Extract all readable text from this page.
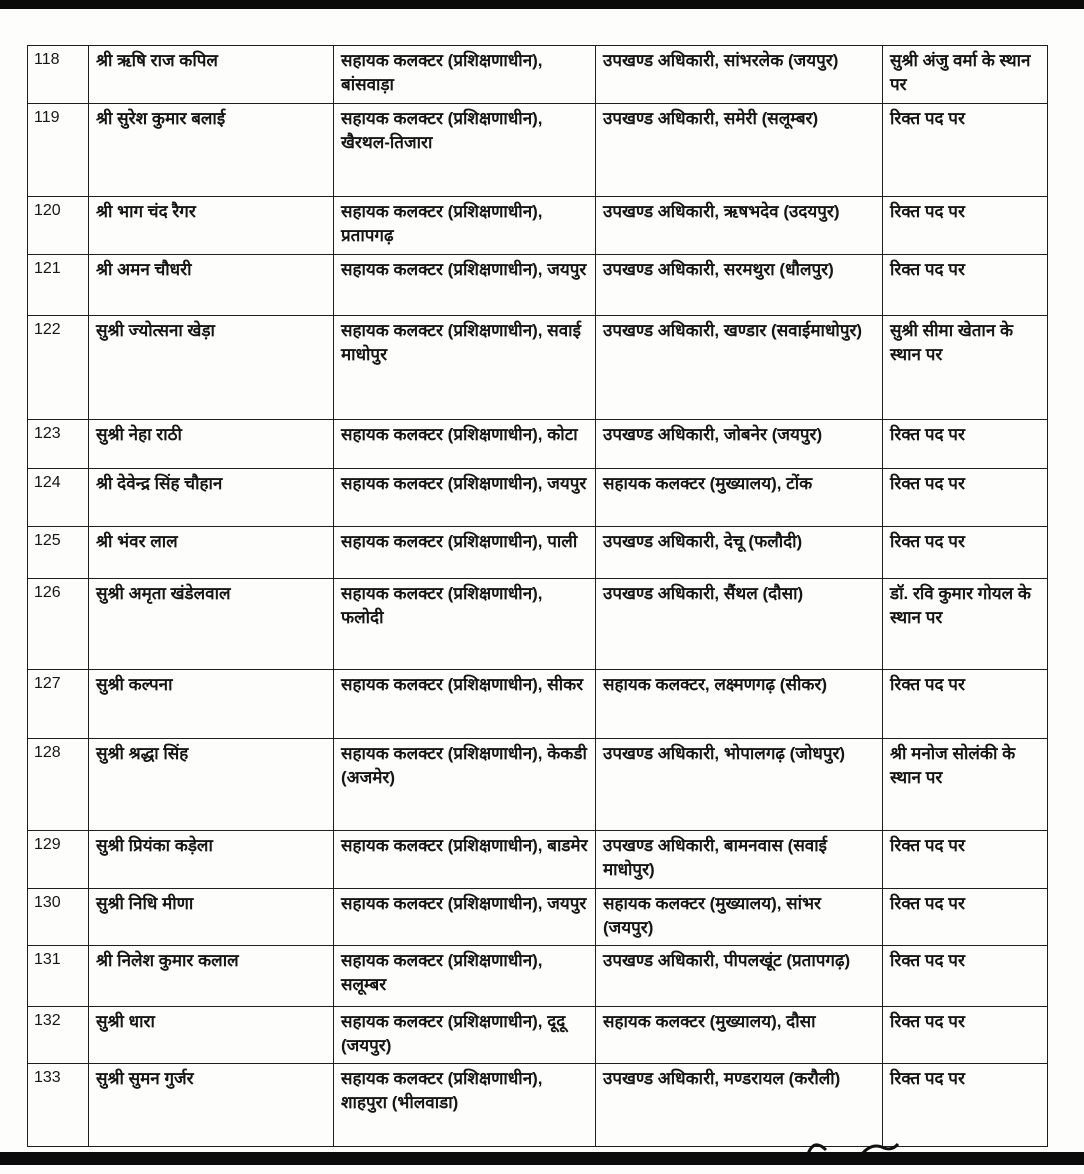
118	श्री ऋषि राज कपिल	सहायक कलक्टर (प्रशिक्षणाधीन), बांसवाड़ा	उपखण्ड अधिकारी, सांभरलेक (जयपुर)	सुश्री अंजु वर्मा के स्थान पर
119	श्री सुरेश कुमार बलाई	सहायक कलक्टर (प्रशिक्षणाधीन), खैरथल-तिजारा	उपखण्ड अधिकारी, समेरी (सलूम्बर)	रिक्त पद पर
120	श्री भाग चंद रैगर	सहायक कलक्टर (प्रशिक्षणाधीन), प्रतापगढ़	उपखण्ड अधिकारी, ऋषभदेव (उदयपुर)	रिक्त पद पर
121	श्री अमन चौधरी	सहायक कलक्टर (प्रशिक्षणाधीन), जयपुर	उपखण्ड अधिकारी, सरमथुरा (धौलपुर)	रिक्त पद पर
122	सुश्री ज्योत्सना खेड़ा	सहायक कलक्टर (प्रशिक्षणाधीन), सवाई माधोपुर	उपखण्ड अधिकारी, खण्डार (सवाईमाधोपुर)	सुश्री सीमा खेतान के स्थान पर
123	सुश्री नेहा राठी	सहायक कलक्टर (प्रशिक्षणाधीन), कोटा	उपखण्ड अधिकारी, जोबनेर (जयपुर)	रिक्त पद पर
124	श्री देवेन्द्र सिंह चौहान	सहायक कलक्टर (प्रशिक्षणाधीन), जयपुर	सहायक कलक्टर (मुख्यालय), टोंक	रिक्त पद पर
125	श्री भंवर लाल	सहायक कलक्टर (प्रशिक्षणाधीन), पाली	उपखण्ड अधिकारी, देचू (फलौदी)	रिक्त पद पर
126	सुश्री अमृता खंडेलवाल	सहायक कलक्टर (प्रशिक्षणाधीन), फलोदी	उपखण्ड अधिकारी, सैंथल (दौसा)	डॉ. रवि कुमार गोयल के स्थान पर
127	सुश्री कल्पना	सहायक कलक्टर (प्रशिक्षणाधीन), सीकर	सहायक कलक्टर, लक्ष्मणगढ़ (सीकर)	रिक्त पद पर
128	सुश्री श्रद्धा सिंह	सहायक कलक्टर (प्रशिक्षणाधीन), केकडी (अजमेर)	उपखण्ड अधिकारी, भोपालगढ़ (जोधपुर)	श्री मनोज सोलंकी के स्थान पर
129	सुश्री प्रियंका कड़ेला	सहायक कलक्टर (प्रशिक्षणाधीन), बाडमेर	उपखण्ड अधिकारी, बामनवास (सवाई माधोपुर)	रिक्त पद पर
130	सुश्री निधि मीणा	सहायक कलक्टर (प्रशिक्षणाधीन), जयपुर	सहायक कलक्टर (मुख्यालय), सांभर (जयपुर)	रिक्त पद पर
131	श्री निलेश कुमार कलाल	सहायक कलक्टर (प्रशिक्षणाधीन), सलूम्बर	उपखण्ड अधिकारी, पीपलखूंट (प्रतापगढ़)	रिक्त पद पर
132	सुश्री धारा	सहायक कलक्टर (प्रशिक्षणाधीन), दूदू (जयपुर)	सहायक कलक्टर (मुख्यालय), दौसा	रिक्त पद पर
133	सुश्री सुमन गुर्जर	सहायक कलक्टर (प्रशिक्षणाधीन), शाहपुरा (भीलवाडा)	उपखण्ड अधिकारी, मण्डरायल (करौली)	रिक्त पद पर
